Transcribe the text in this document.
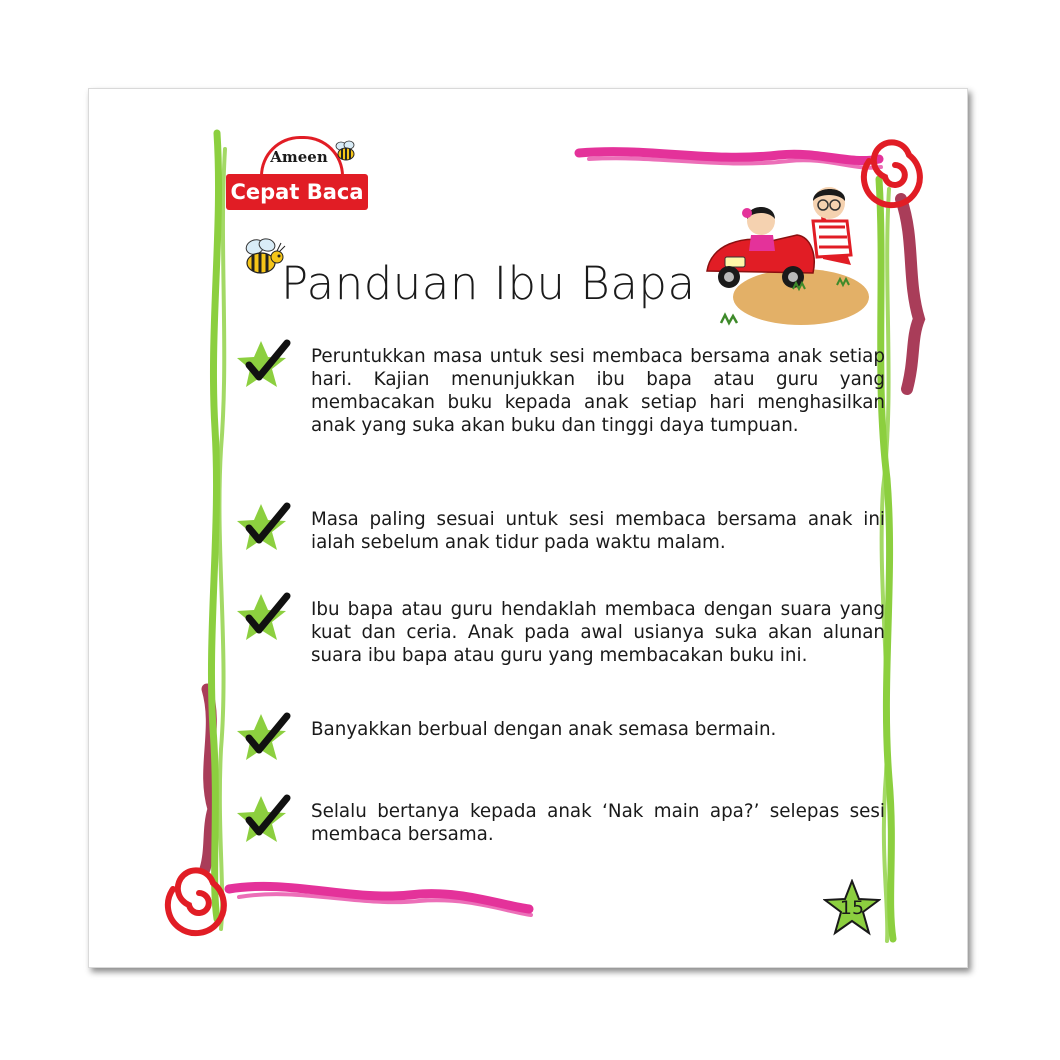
Ameen
Cepat Baca
Panduan Ibu Bapa

Peruntukkan masa untuk sesi membaca bersama anak setiap hari. Kajian menunjukkan ibu bapa atau guru yang membacakan buku kepada anak setiap hari menghasilkan anak yang suka akan buku dan tinggi daya tumpuan.

Masa paling sesuai untuk sesi membaca bersama anak ini ialah sebelum anak tidur pada waktu malam.

Ibu bapa atau guru hendaklah membaca dengan suara yang kuat dan ceria. Anak pada awal usianya suka akan alunan suara ibu bapa atau guru yang membacakan buku ini.

Banyakkan berbual dengan anak semasa bermain.

Selalu bertanya kepada anak ‘Nak main apa?’ selepas sesi membaca bersama.

15
